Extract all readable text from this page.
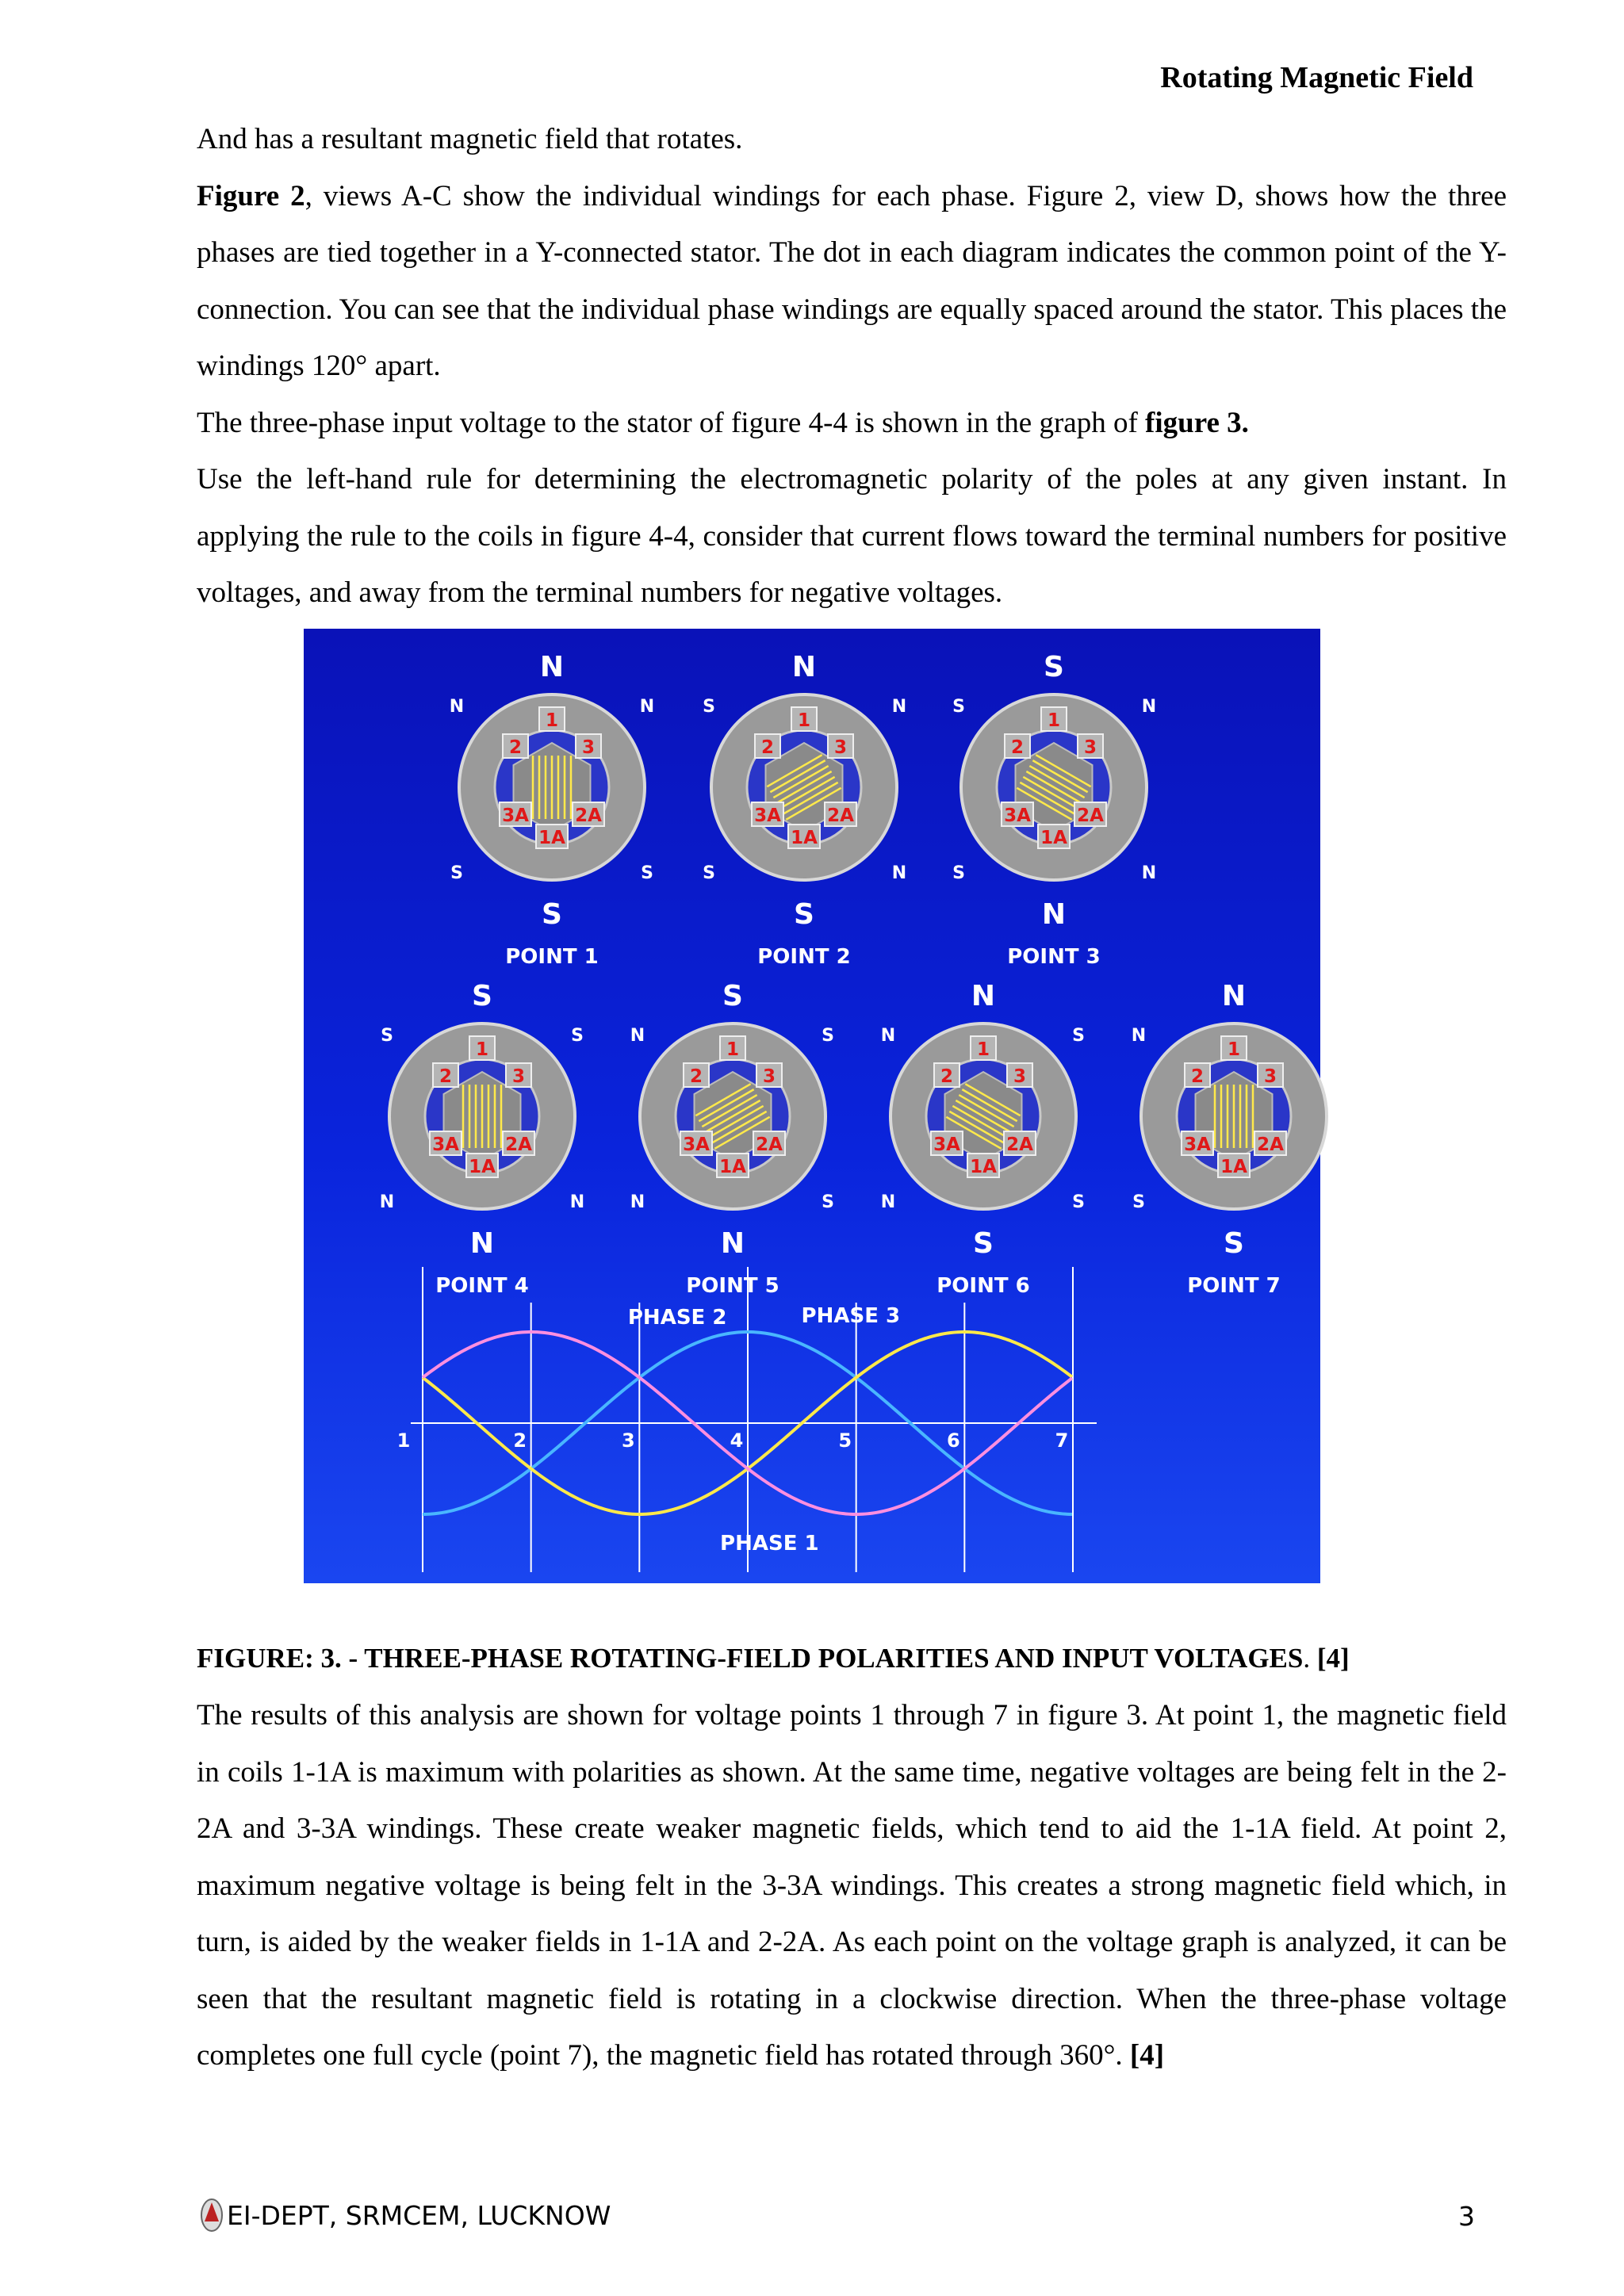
Rotating Magnetic Field

And has a resultant magnetic field that rotates.

Figure 2, views A-C show the individual windings for each phase. Figure 2, view D, shows how the three phases are tied together in a Y-connected stator. The dot in each diagram indicates the common point of the Y-connection. You can see that the individual phase windings are equally spaced around the stator. This places the windings 120° apart.

The three-phase input voltage to the stator of figure 4-4 is shown in the graph of figure 3.

Use the left-hand rule for determining the electromagnetic polarity of the poles at any given instant. In applying the rule to the coils in figure 4-4, consider that current flows toward the terminal numbers for positive voltages, and away from the terminal numbers for negative voltages.

1
2	3
3A	2A
1A
N
S
N	N
S	S
POINT 1
1
2	3
3A	2A
1A
N
S
S	N
S	N
POINT 2
1
2	3
3A	2A
1A
S
N
S	N
S	N
POINT 3
1
2	3
3A	2A
1A
S
N
S	S
N	N
POINT 4
1
2	3
3A	2A
1A
S
N
N	S
N	S
POINT 5
1
2	3
3A	2A
1A
N
S
N	S
N	S
POINT 6
1
2	3
3A	2A
1A
N
S
N	N
S	S
POINT 7
1	2	3	4	5	6	7
PHASE 2	PHASE 3
PHASE 1
FIGURE: 3. - THREE-PHASE ROTATING-FIELD POLARITIES AND INPUT VOLTAGES. [4]

The results of this analysis are shown for voltage points 1 through 7 in figure 3. At point 1, the magnetic field in coils 1-1A is maximum with polarities as shown. At the same time, negative voltages are being felt in the 2-2A and 3-3A windings. These create weaker magnetic fields, which tend to aid the 1-1A field. At point 2, maximum negative voltage is being felt in the 3-3A windings. This creates a strong magnetic field which, in turn, is aided by the weaker fields in 1-1A and 2-2A. As each point on the voltage graph is analyzed, it can be seen that the resultant magnetic field is rotating in a clockwise direction. When the three-phase voltage completes one full cycle (point 7), the magnetic field has rotated through 360°. [4]

EI-DEPT, SRMCEM, LUCKNOW	3
